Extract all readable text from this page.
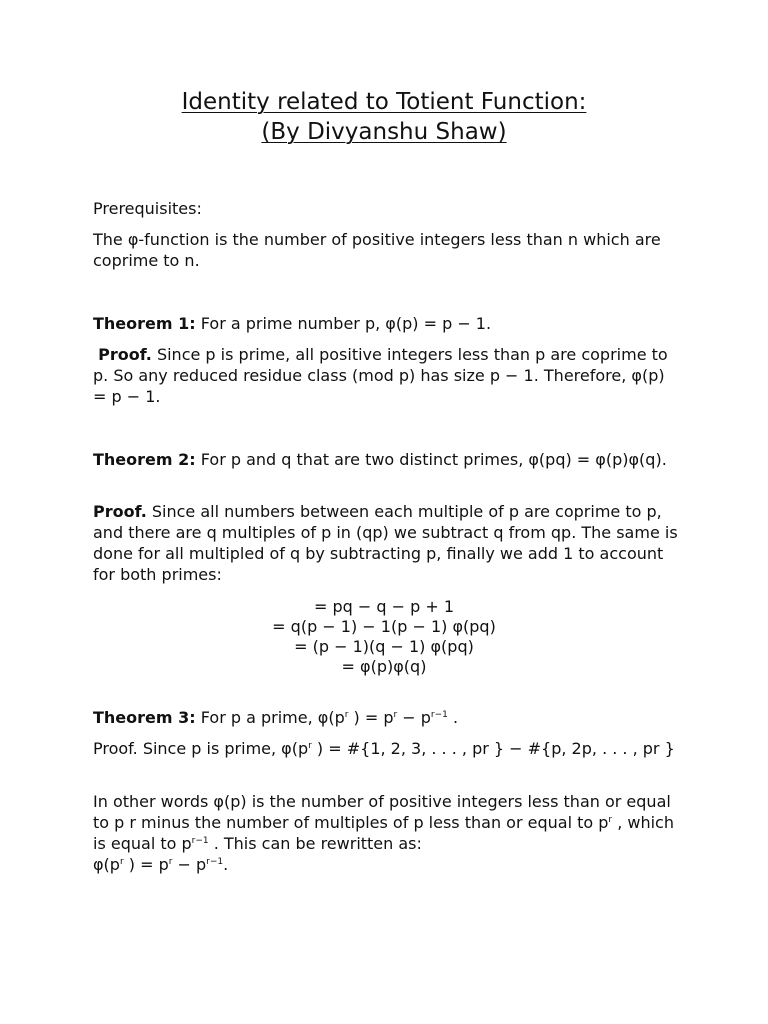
Identity related to Totient Function:
(By Divyanshu Shaw)
Prerequisites:
The φ-function is the number of positive integers less than n which are coprime to n.
Theorem 1: For a prime number p, φ(p) = p − 1.
Proof. Since p is prime, all positive integers less than p are coprime to p. So any reduced residue class (mod p) has size p − 1. Therefore, φ(p) = p − 1.
Theorem 2: For p and q that are two distinct primes, φ(pq) = φ(p)φ(q).
Proof. Since all numbers between each multiple of p are coprime to p, and there are q multiples of p in (qp) we subtract q from qp. The same is done for all multipled of q by subtracting p, finally we add 1 to account for both primes:
= pq − q − p + 1
= q(p − 1) − 1(p − 1) φ(pq)
= (p − 1)(q − 1) φ(pq)
= φ(p)φ(q)
Theorem 3: For p a prime, $\varphi(p^r$ ) = $p^r - p^{r-1}$ .
Proof. Since p is prime, $\varphi(p^r$ ) = #{1, 2, 3, . . . , pr } − #{p, 2p, . . . , pr }
In other words φ(p) is the number of positive integers less than or equal to p r minus the number of multiples of p less than or equal to $p^r$ , which is equal to $p^{r-1}$ . This can be rewritten as:
$\varphi(p^r$ ) = $p^r - p^{r-1}$.
